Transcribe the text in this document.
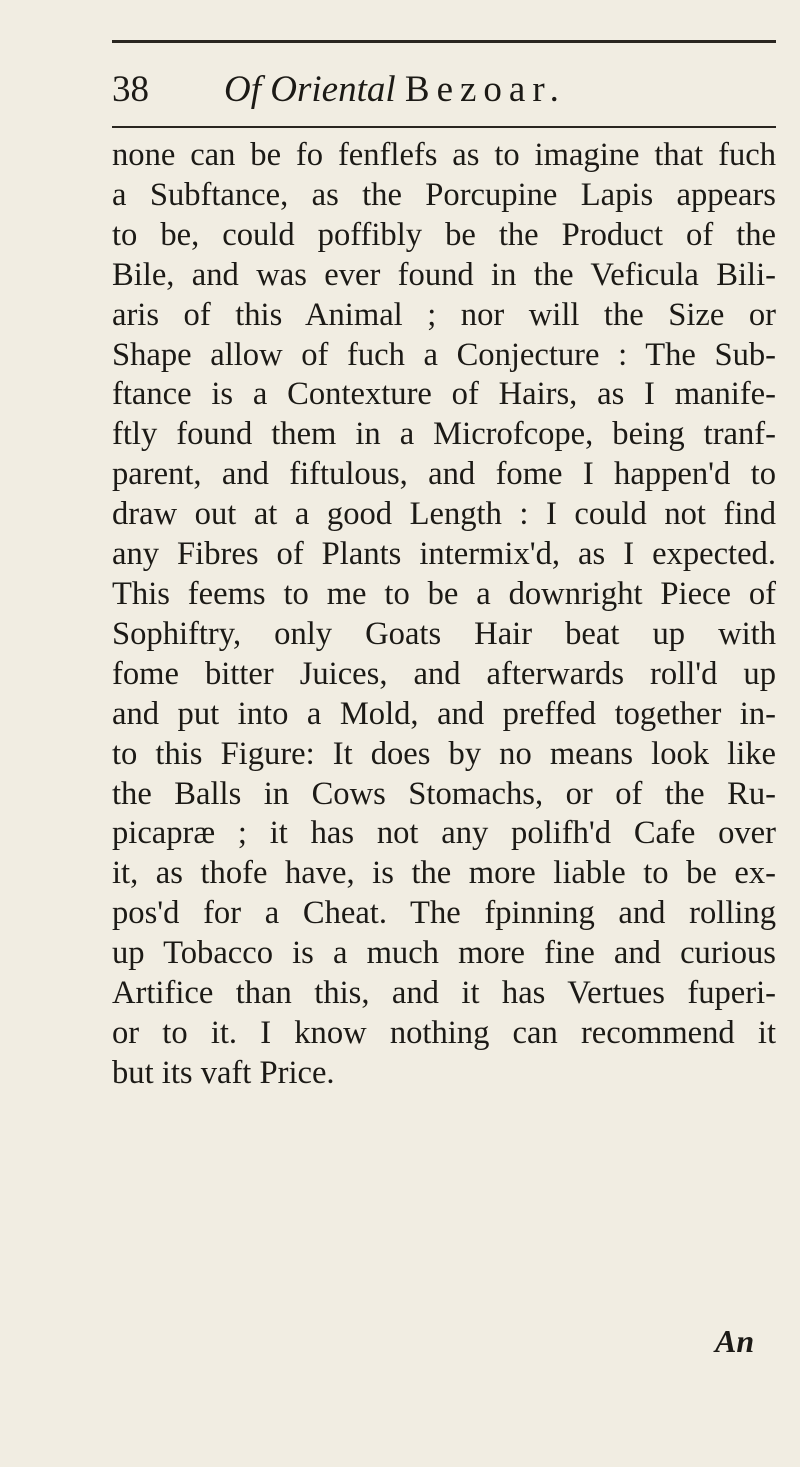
38 Of Oriental Bezoar.
none can be fo fenflefs as to imagine that fuch
a Subftance, as the Porcupine Lapis appears
to be, could poffibly be the Product of the
Bile, and was ever found in the Veficula Bili-
aris of this Animal ; nor will the Size or
Shape allow of fuch a Conjecture : The Sub-
ftance is a Contexture of Hairs, as I manife-
ftly found them in a Microfcope, being tranf-
parent, and fiftulous, and fome I happen'd to
draw out at a good Length : I could not find
any Fibres of Plants intermix'd, as I expected.
This feems to me to be a downright Piece of
Sophiftry, only Goats Hair beat up with
fome bitter Juices, and afterwards roll'd up
and put into a Mold, and preffed together in-
to this Figure: It does by no means look like
the Balls in Cows Stomachs, or of the Ru-
picapræ ; it has not any polifh'd Cafe over
it, as thofe have, is the more liable to be ex-
pos'd for a Cheat. The fpinning and rolling
up Tobacco is a much more fine and curious
Artifice than this, and it has Vertues fuperi-
or to it. I know nothing can recommend it
but its vaft Price.
An
